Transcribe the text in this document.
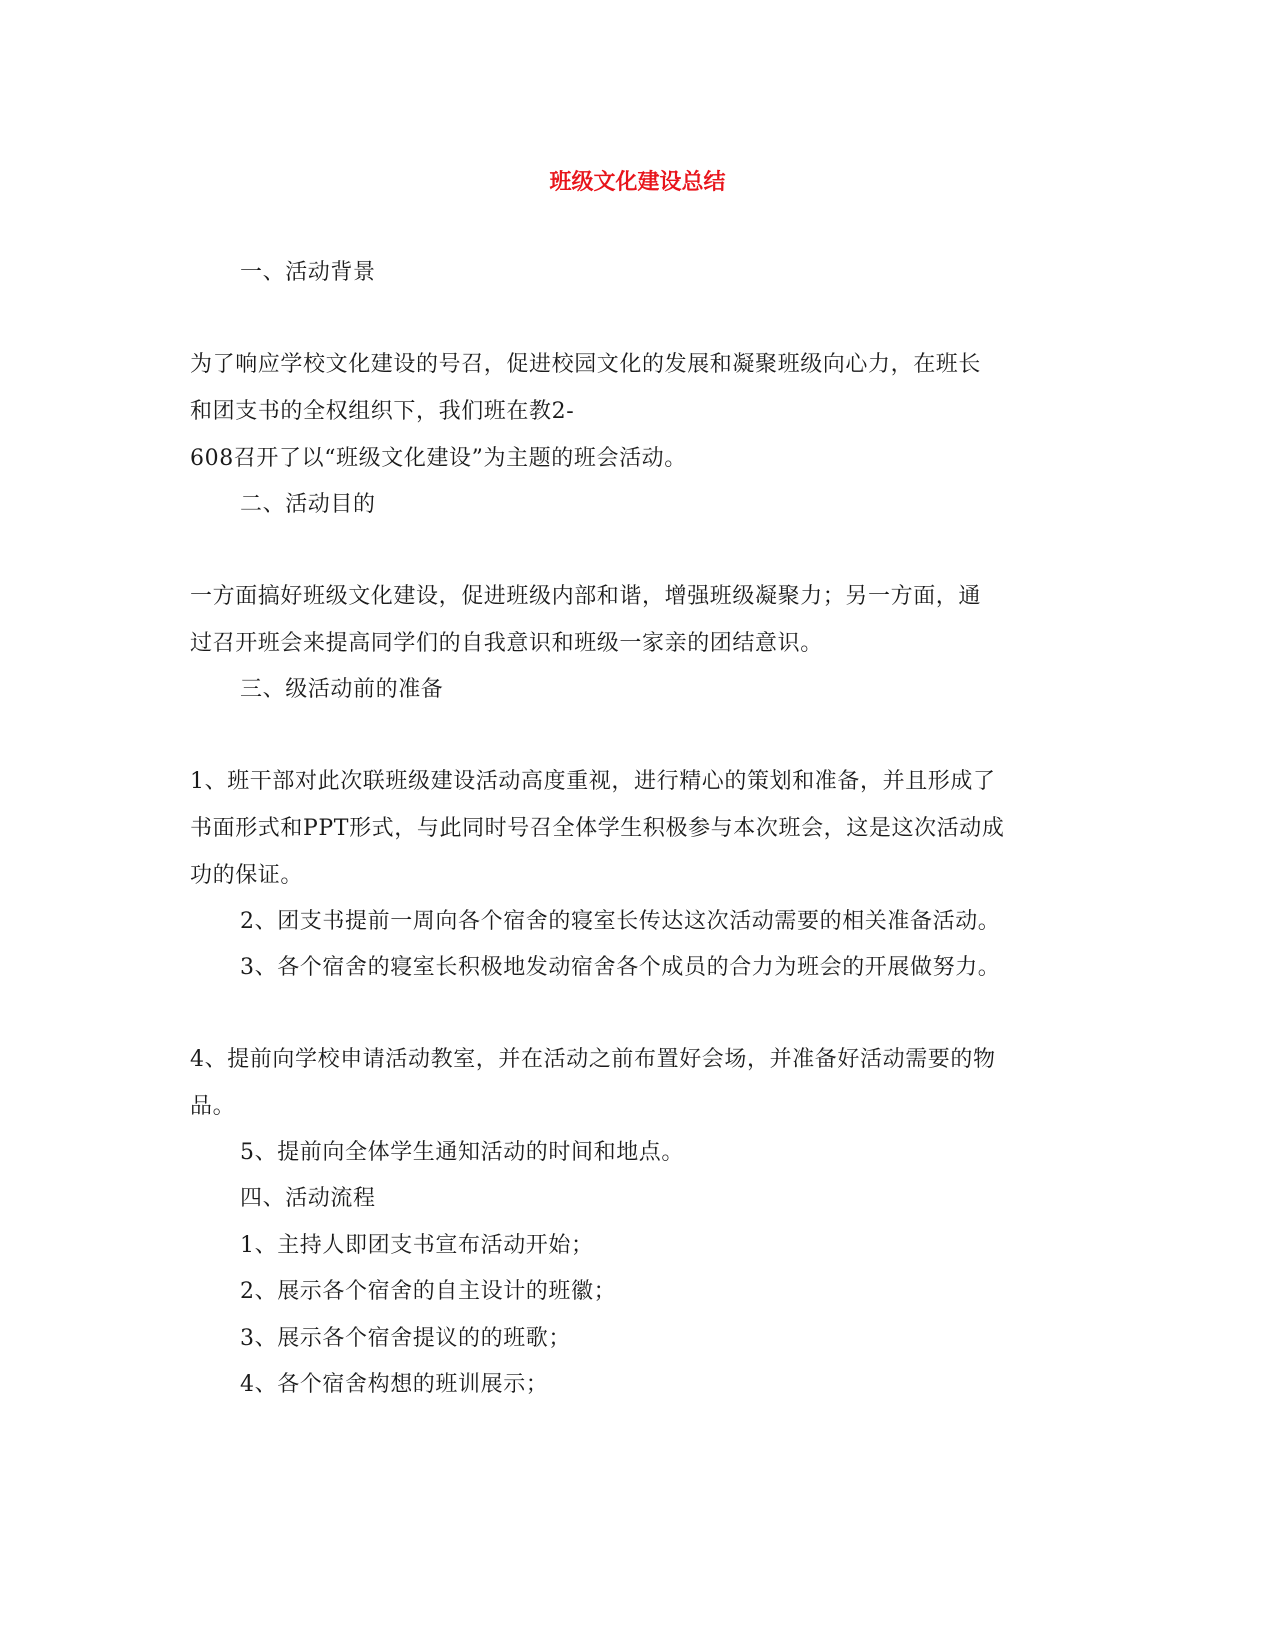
班级文化建设总结
一、活动背景
为了响应学校文化建设的号召，促进校园文化的发展和凝聚班级向心力，在班长
和团支书的全权组织下，我们班在教2-
608召开了以“班级文化建设”为主题的班会活动。
二、活动目的
一方面搞好班级文化建设，促进班级内部和谐，增强班级凝聚力；另一方面，通
过召开班会来提高同学们的自我意识和班级一家亲的团结意识。
三、级活动前的准备
1、班干部对此次联班级建设活动高度重视，进行精心的策划和准备，并且形成了
书面形式和PPT形式，与此同时号召全体学生积极参与本次班会，这是这次活动成
功的保证。
2、团支书提前一周向各个宿舍的寝室长传达这次活动需要的相关准备活动。
3、各个宿舍的寝室长积极地发动宿舍各个成员的合力为班会的开展做努力。
4、提前向学校申请活动教室，并在活动之前布置好会场，并准备好活动需要的物
品。
5、提前向全体学生通知活动的时间和地点。
四、活动流程
1、主持人即团支书宣布活动开始；
2、展示各个宿舍的自主设计的班徽；
3、展示各个宿舍提议的的班歌；
4、各个宿舍构想的班训展示；
